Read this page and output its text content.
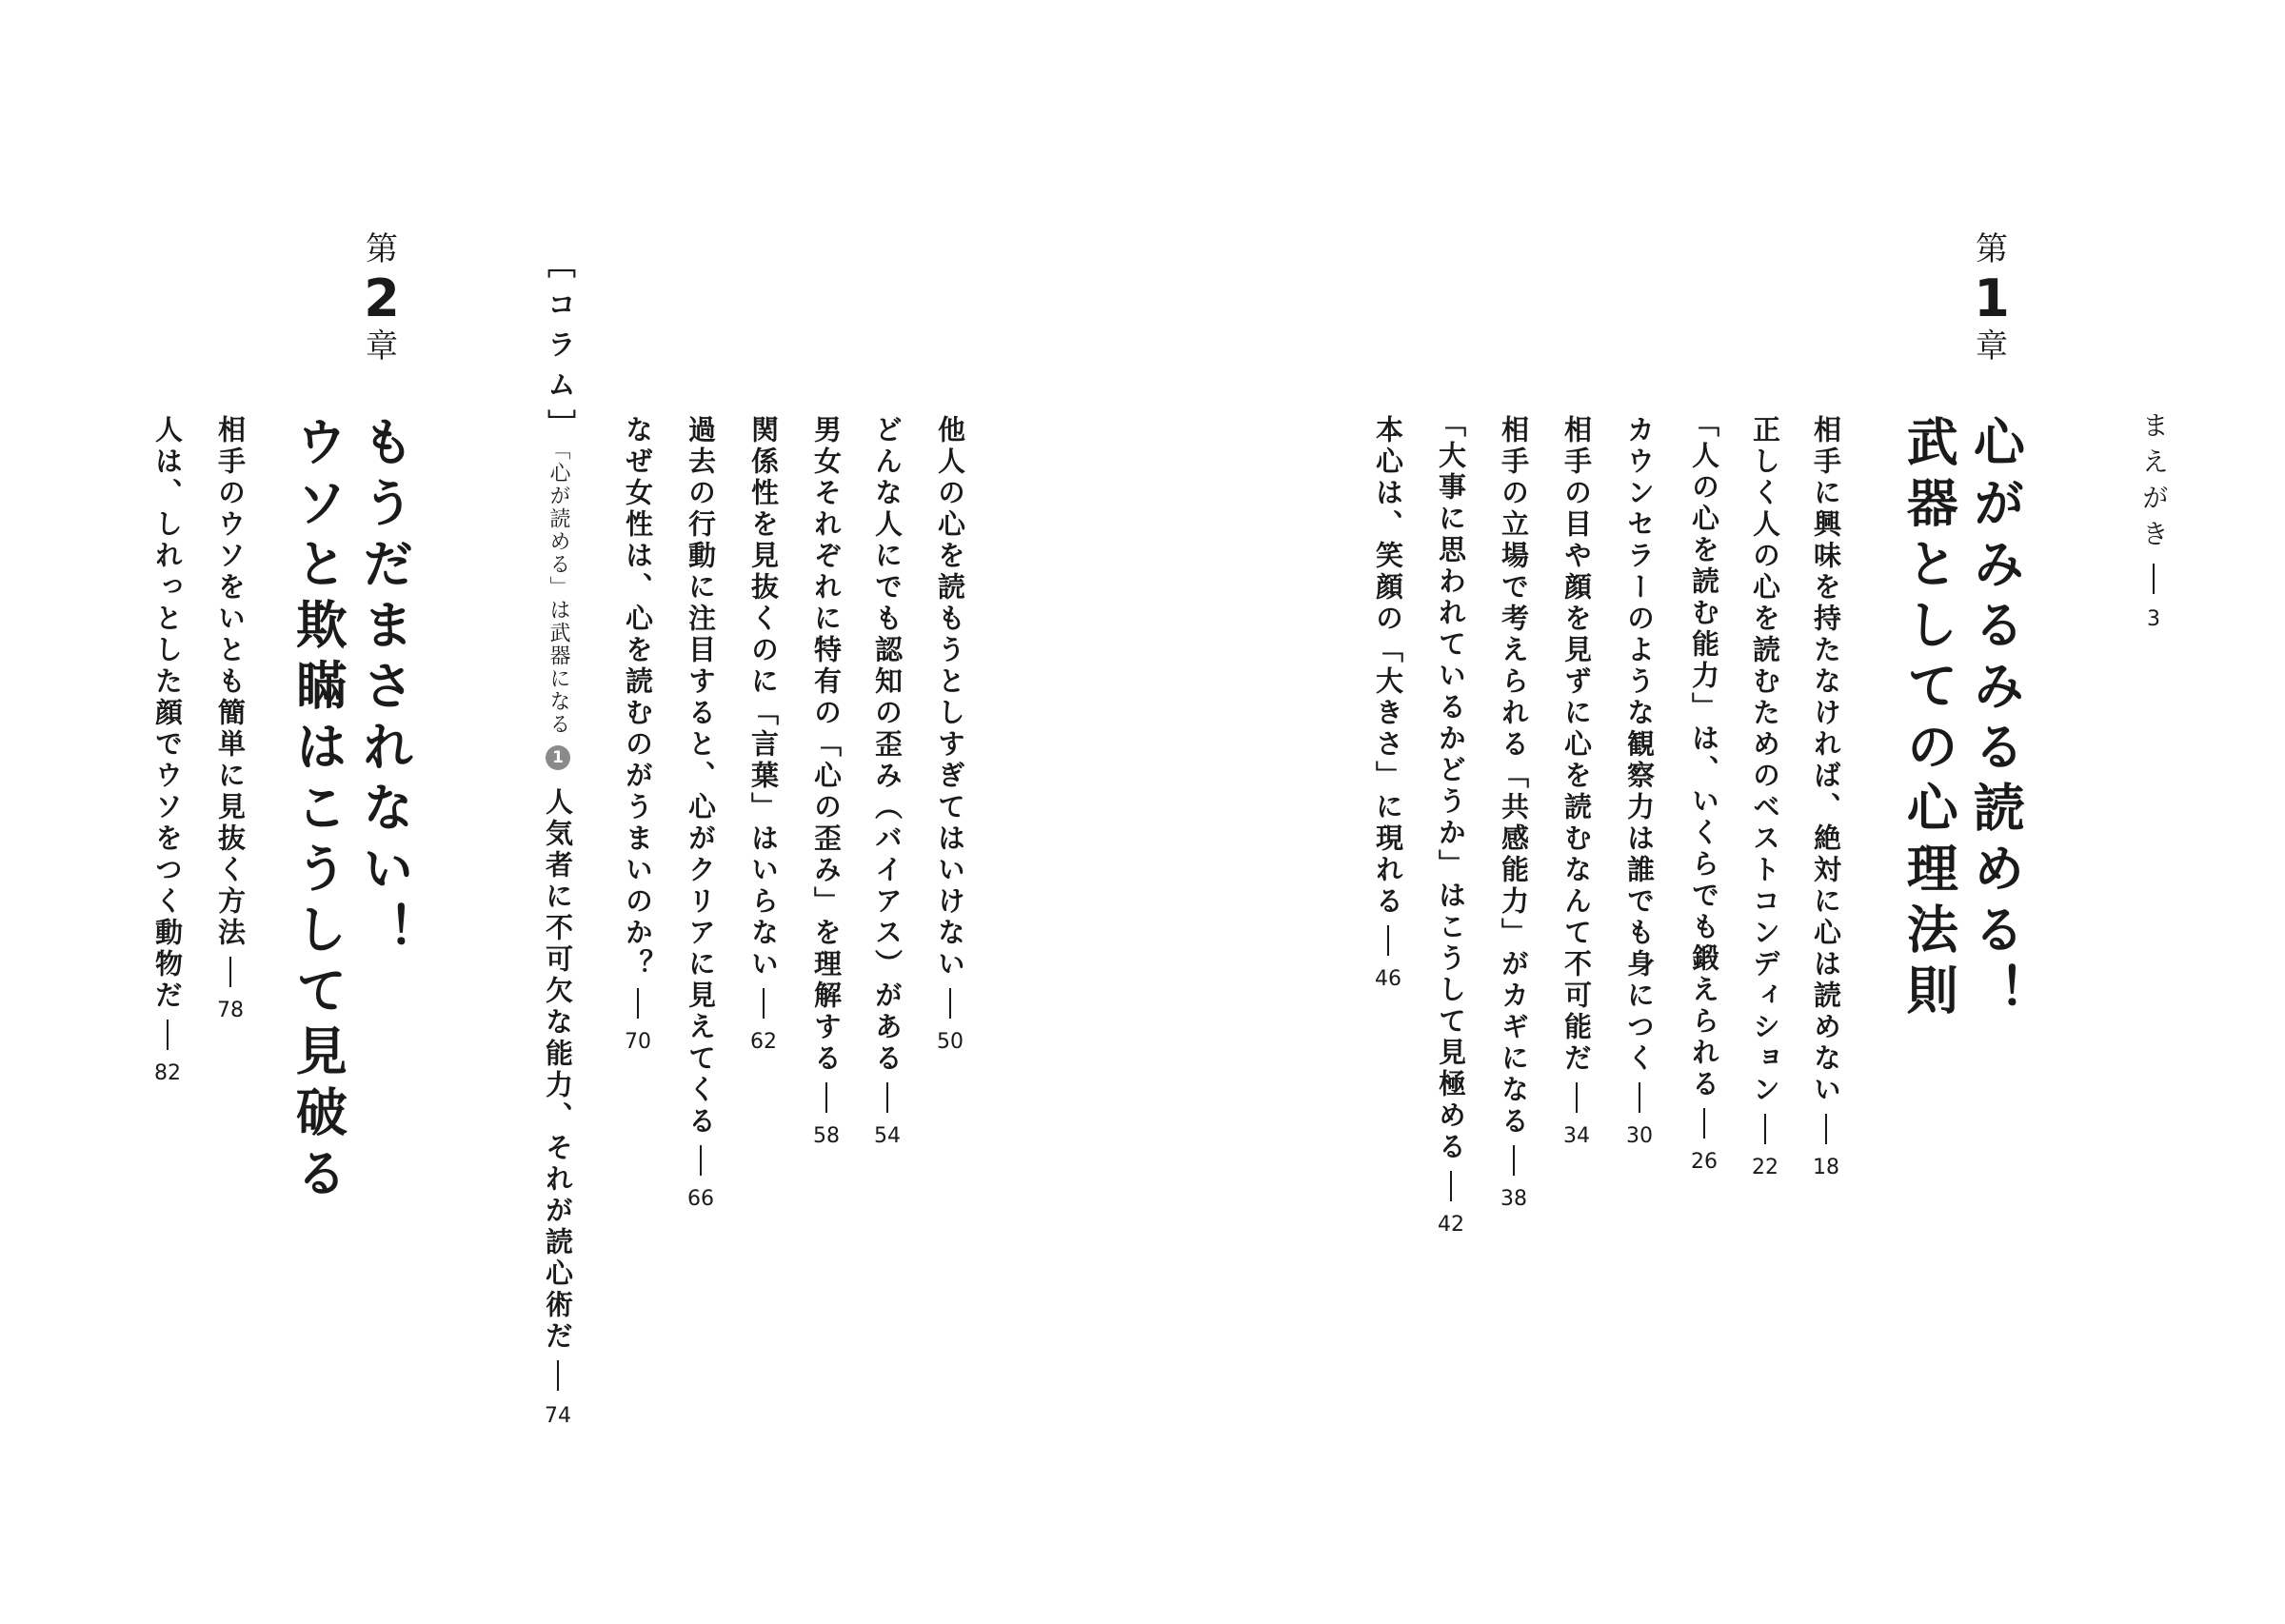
まえがき3
第
1
章
心がみるみる読める！
武器としての心理法則
相手に興味を持たなければ、絶対に心は読めない18
正しく人の心を読むためのベストコンディション22
「人の心を読む能力」は、いくらでも鍛えられる26
カウンセラーのような観察力は誰でも身につく30
相手の目や顔を見ずに心を読むなんて不可能だ34
相手の立場で考えられる「共感能力」がカギになる38
「大事に思われているかどうか」はこうして見極める42
本心は、笑顔の「大きさ」に現れる46
他人の心を読もうとしすぎてはいけない50
どんな人にでも認知の歪み（バイアス）がある54
男女それぞれに特有の「心の歪み」を理解する58
関係性を見抜くのに「言葉」はいらない62
過去の行動に注目すると、心がクリアに見えてくる66
なぜ女性は、心を読むのがうまいのか？70
［コラム］「心が読める」は武器になる1人気者に不可欠な能力、それが読心術だ74
第
2
章
もうだまされない！
ウソと欺瞞はこうして見破る
相手のウソをいとも簡単に見抜く方法78
人は、しれっとした顔でウソをつく動物だ82
